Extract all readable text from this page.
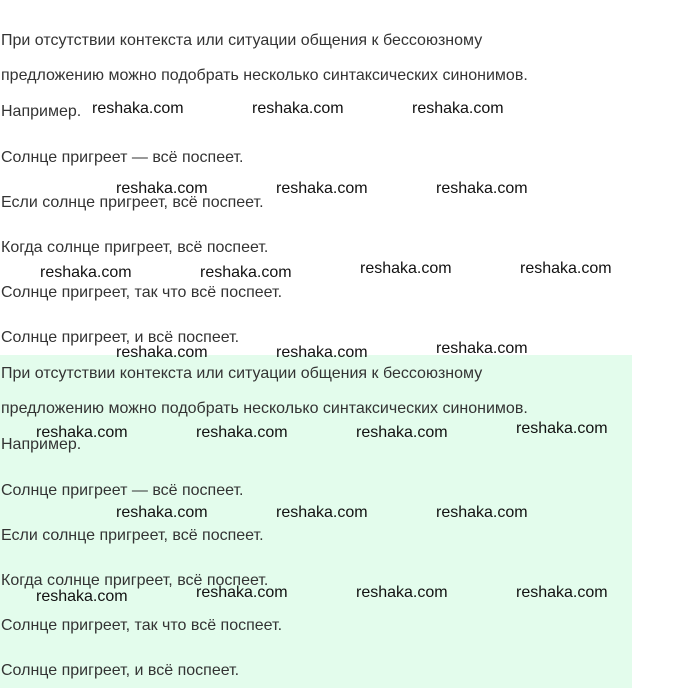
При отсутствии контекста или ситуации общения к бессоюзному
предложению можно подобрать несколько синтаксических синонимов.
Например.
Солнце пригреет — всё поспеет.
Если солнце пригреет, всё поспеет.
Когда солнце пригреет, всё поспеет.
Солнце пригреет, так что всё поспеет.
Солнце пригреет, и всё поспеет.
При отсутствии контекста или ситуации общения к бессоюзному
предложению можно подобрать несколько синтаксических синонимов.
Например.
Солнце пригреет — всё поспеет.
Если солнце пригреет, всё поспеет.
Когда солнце пригреет, всё поспеет.
Солнце пригреет, так что всё поспеет.
Солнце пригреет, и всё поспеет.
reshaka.com	reshaka.com	reshaka.com
reshaka.com	reshaka.com	reshaka.com
reshaka.com	reshaka.com	reshaka.com	reshaka.com
reshaka.com	reshaka.com	reshaka.com
reshaka.com	reshaka.com	reshaka.com	reshaka.com
reshaka.com	reshaka.com	reshaka.com
reshaka.com	reshaka.com	reshaka.com	reshaka.com
